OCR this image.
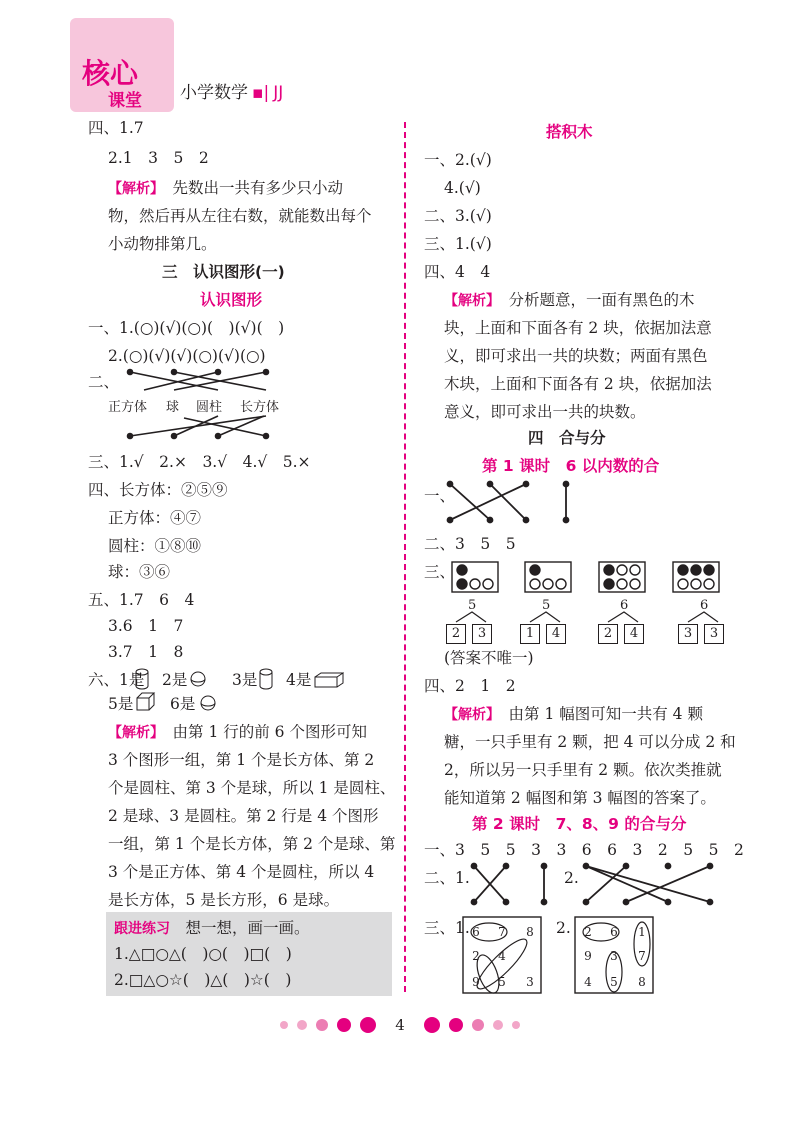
核心
课堂 小学数学 ▪| JJ
四、1.7
2.1　3　5　2
【解析】　 先数出一共有多少只小动
物，然后再从左往右数，就能数出每个
小动物排第几。
三　认识图形(一)
认识图形
一、1.(○)(√)(○)(　)(√)(　)
2.(○)(√)(√)(○)(√)(○)
二、
正方体 球 圆柱 长方体
三、1.√　2.×　3.√　4.√　5.×
四、长方体：②⑤⑨
正方体：④⑦
圆柱：①⑧⑩
球：③⑥
五、1.7　6　4
3.6　1　7
3.7　1　8
六、1是 2是	3是 4是
5是 6是
【解析】　 由第 1 行的前 6 个图形可知
3 个图形一组，第 1 个是长方体、第 2
个是圆柱、第 3 个是球，所以 1 是圆柱、
2 是球、3 是圆柱。第 2 行是 4 个图形
一组，第 1 个是长方体，第 2 个是球、第
3 个是正方体、第 4 个是圆柱，所以 4
是长方体，5 是长方形，6 是球。
跟进练习　 想一想，画一画。
1.△□○△(　)○(　)□(　)
2.□△○☆(　)△(　)☆(　)
搭积木
一、2.(√)
4.(√)
二、3.(√)
三、1.(√)
四、4　4
【解析】　 分析题意，一面有黑色的木
块，上面和下面各有 2 块，依据加法意
义，即可求出一共的块数；两面有黑色
木块，上面和下面各有 2 块，依据加法
意义，即可求出一共的块数。
四　合与分
第 1 课时　6 以内数的合
一、
二、3　5　5
三、
5	5	6	6
2 3	1 4	2 4	3 3
(答案不唯一)
四、2　1　2
【解析】　 由第 1 幅图可知一共有 4 颗
糖，一只手里有 2 颗，把 4 可以分成 2 和
2，所以另一只手里有 2 颗。依次类推就
能知道第 2 幅图和第 3 幅图的答案了。
第 2 课时　7、8、9 的合与分
一、3　5　5　3　3　6　6　3　2　5　5　2
二、1.	2.
三、1. 6 7 8
2 4
9 5 3
2. 2 6 1
9 3 7
4 5 8
4
